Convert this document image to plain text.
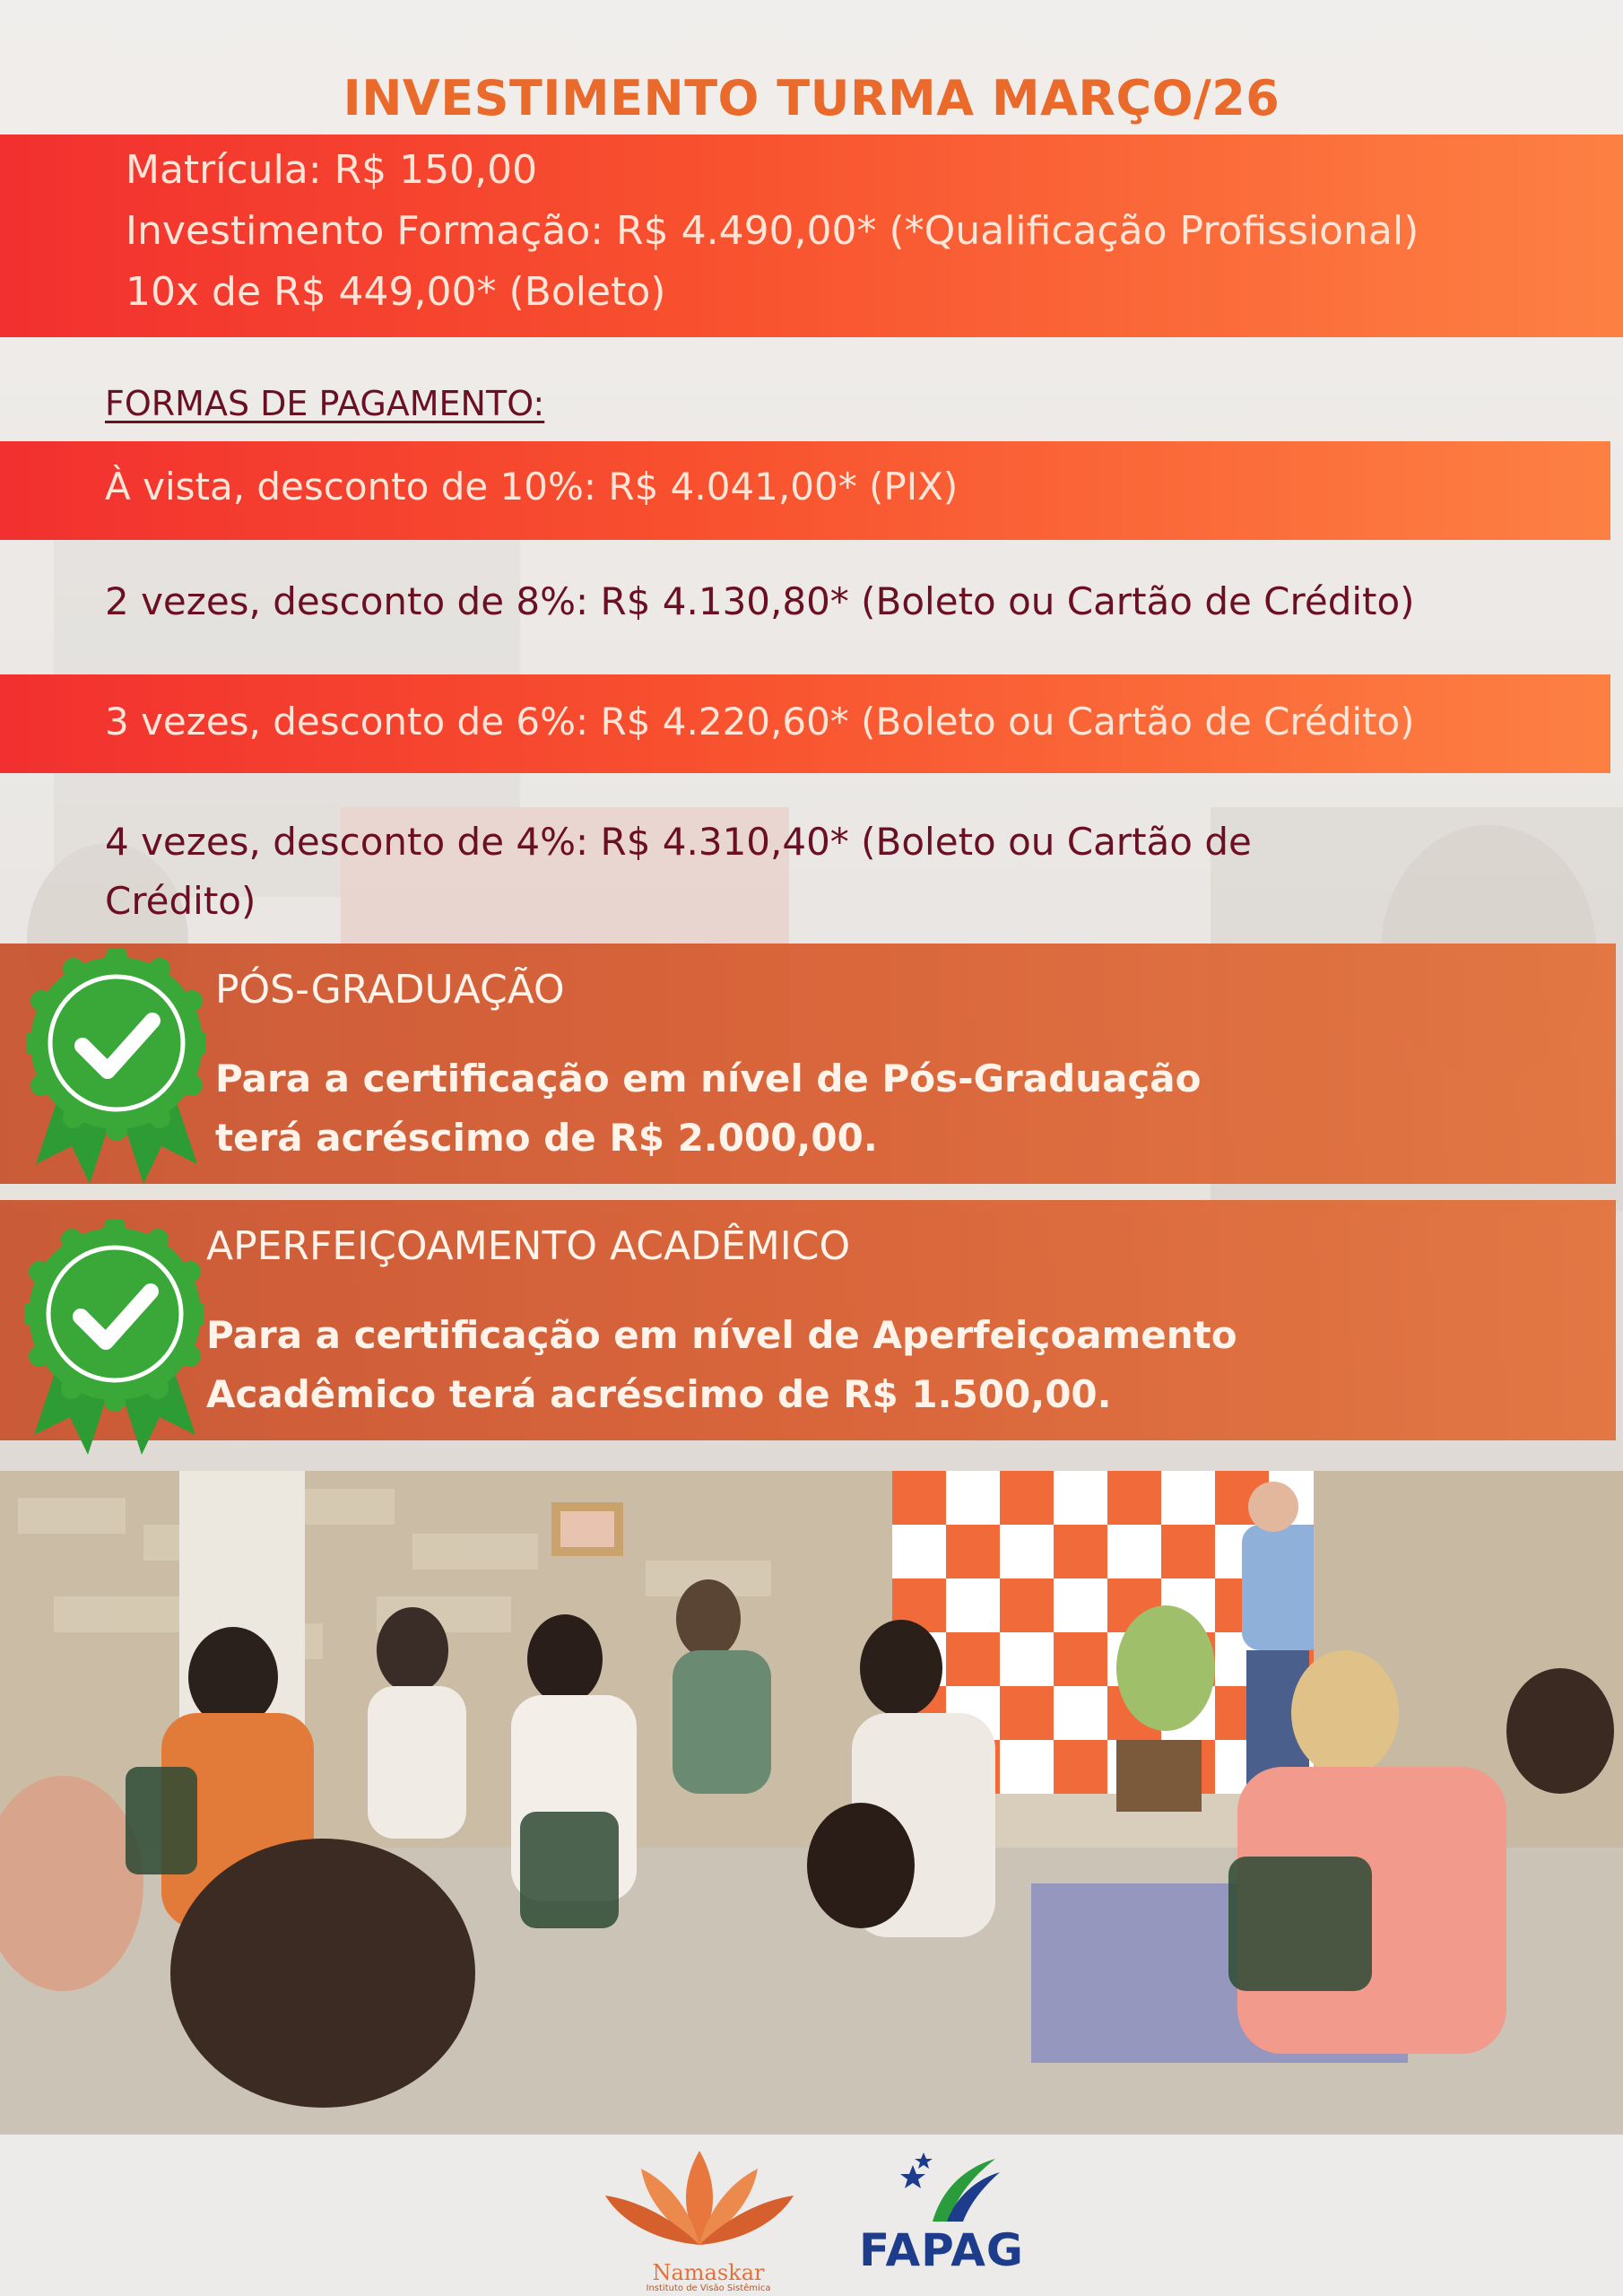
INVESTIMENTO TURMA MARÇO/26
Matrícula: R$ 150,00
Investimento Formação: R$ 4.490,00* (*Qualificação Profissional)
10x de R$ 449,00* (Boleto)
FORMAS DE PAGAMENTO:
À vista, desconto de 10%: R$ 4.041,00* (PIX)
2 vezes, desconto de 8%: R$ 4.130,80* (Boleto ou Cartão de Crédito)
3 vezes, desconto de 6%: R$ 4.220,60* (Boleto ou Cartão de Crédito)
4 vezes, desconto de 4%: R$ 4.310,40* (Boleto ou Cartão de
Crédito)
PÓS-GRADUAÇÃO
Para a certificação em nível de Pós-Graduação
terá acréscimo de R$ 2.000,00.
APERFEIÇOAMENTO ACADÊMICO
Para a certificação em nível de Aperfeiçoamento
Acadêmico terá acréscimo de R$ 1.500,00.
Namaskar
Instituto de Visão Sistêmica
FAPAG
